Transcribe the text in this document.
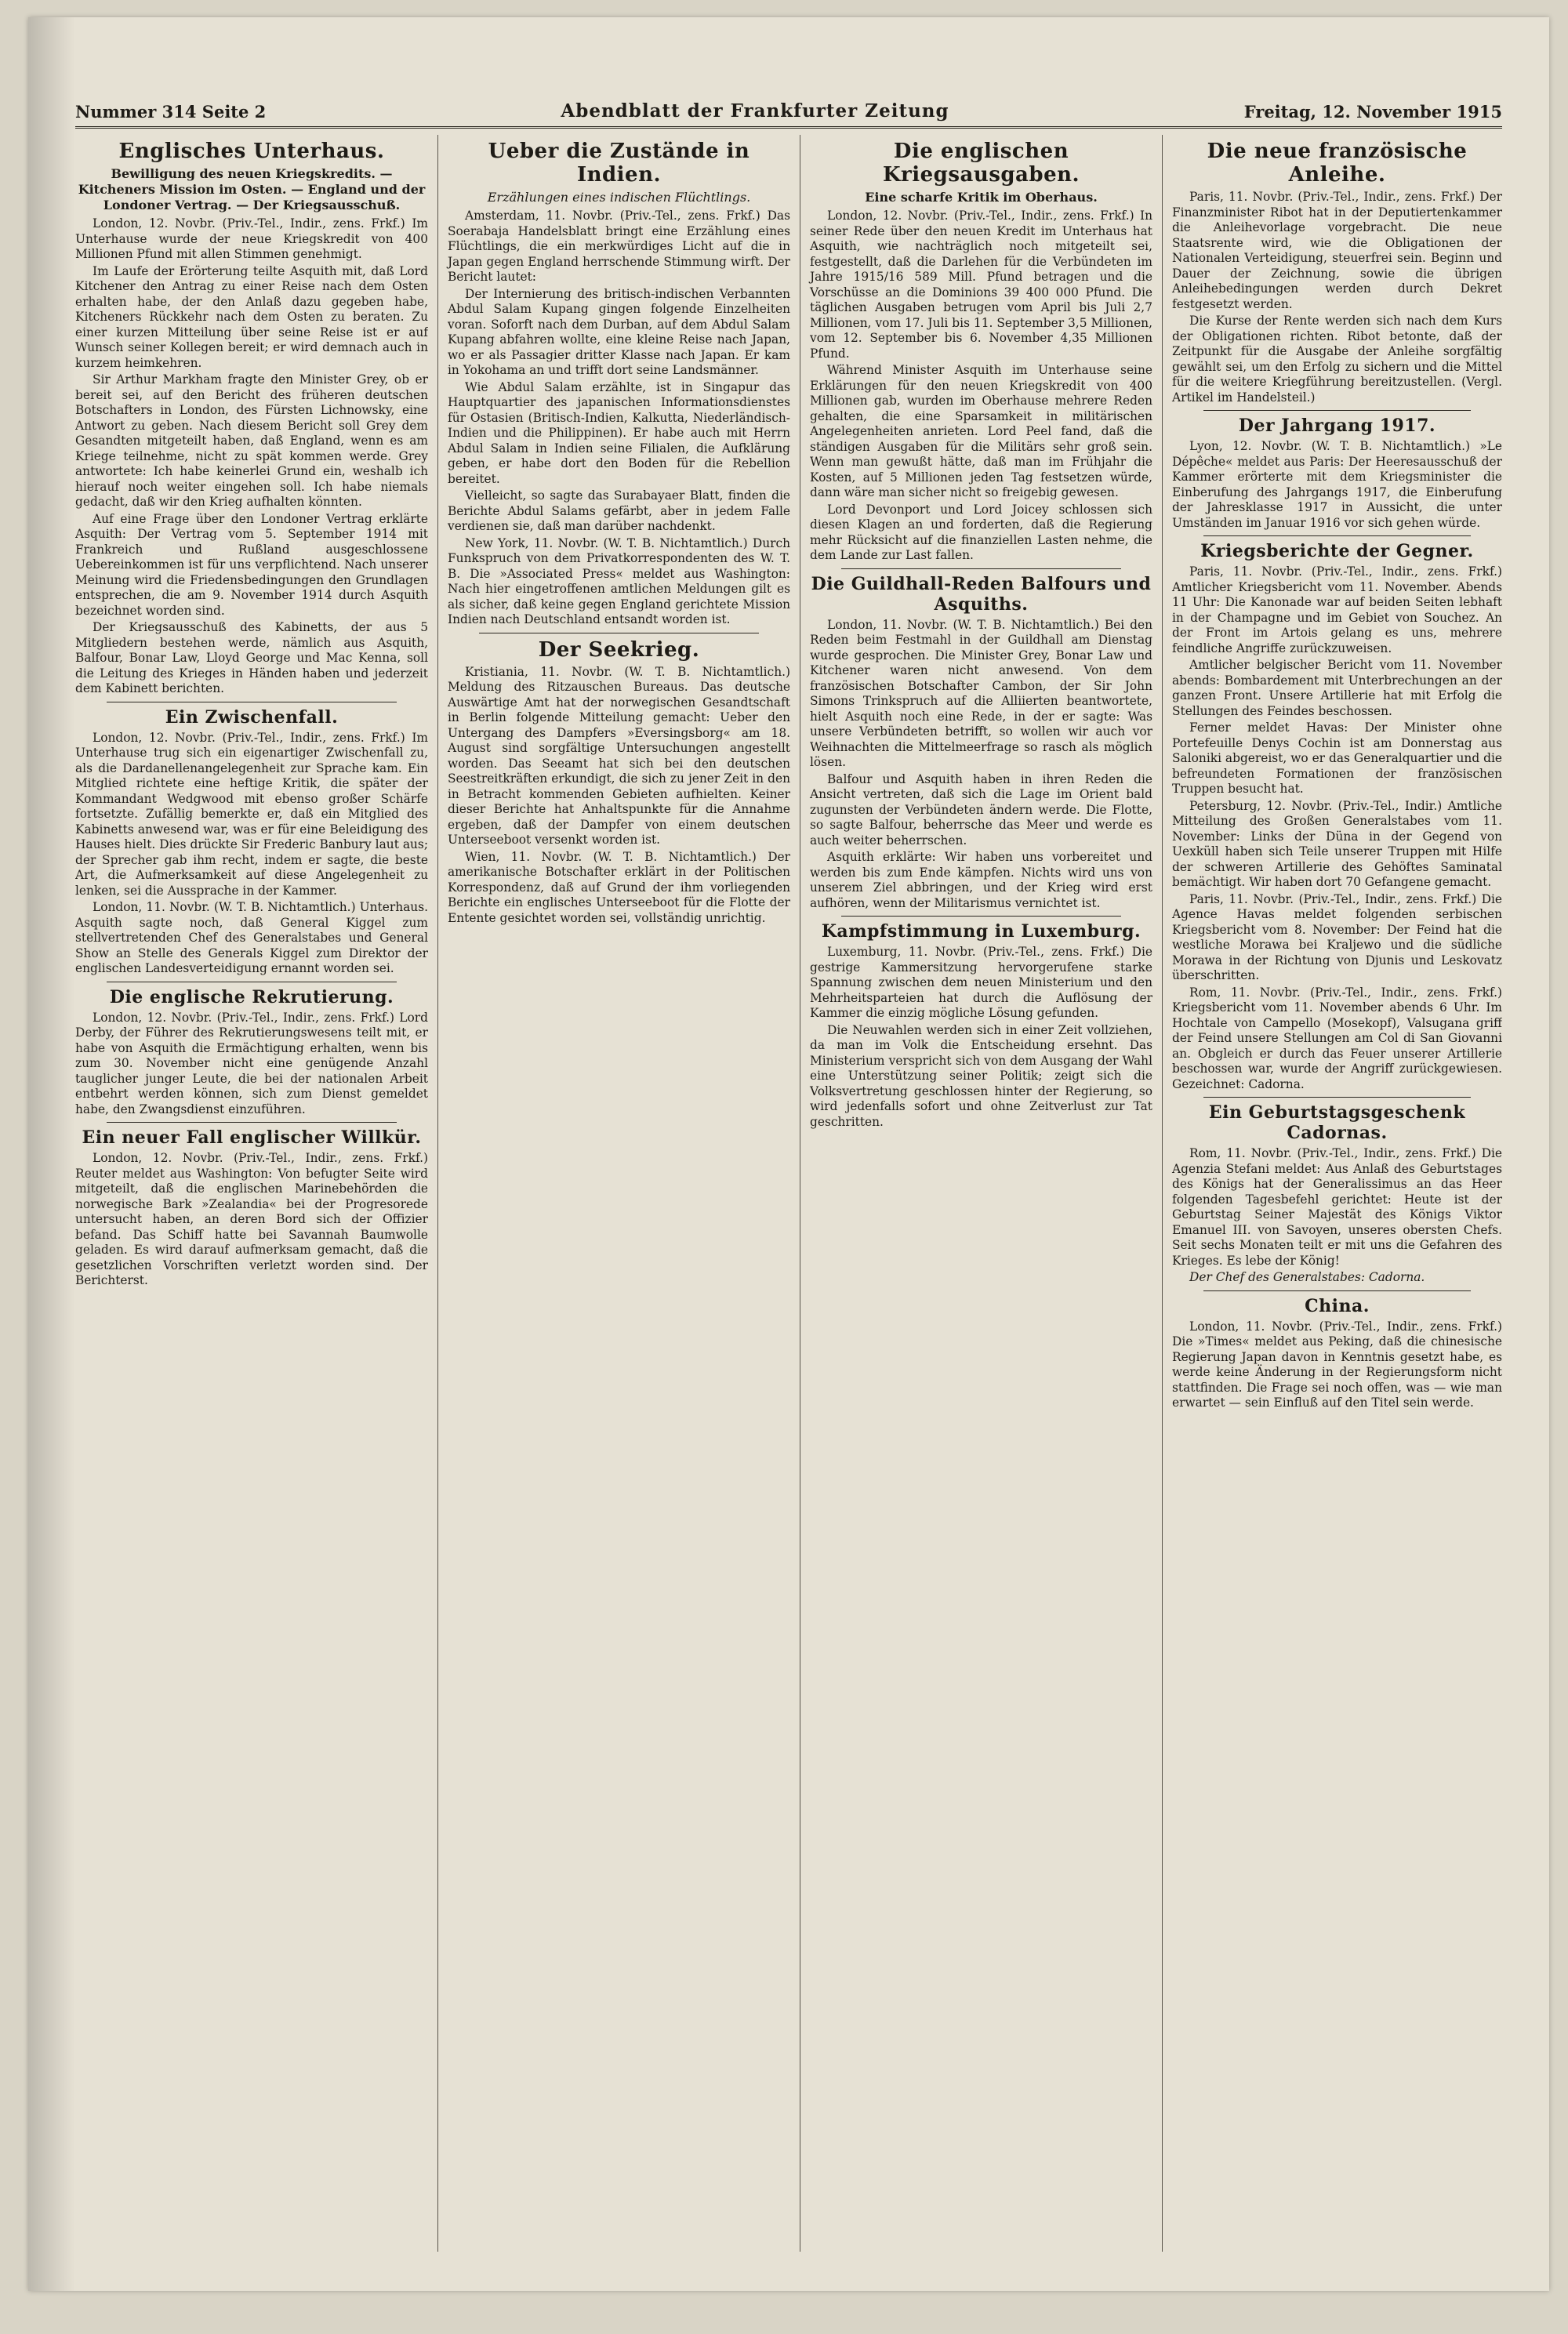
Nummer 314 Seite 2	Abendblatt der Frankfurter Zeitung	Freitag, 12. November 1915
Englisches Unterhaus.
Bewilligung des neuen Kriegskredits. — Kitcheners Mission im Osten. — England und der Londoner Vertrag. — Der Kriegsausschuß.

London, 12. Novbr. (Priv.-Tel., Indir., zens. Frkf.) Im Unterhause wurde der neue Kriegskredit von 400 Millionen Pfund mit allen Stimmen genehmigt.

Im Laufe der Erörterung teilte Asquith mit, daß Lord Kitchener den Antrag zu einer Reise nach dem Osten erhalten habe, der den Anlaß dazu gegeben habe, Kitcheners Rückkehr nach dem Osten zu beraten. Zu einer kurzen Mitteilung über seine Reise ist er auf Wunsch seiner Kollegen bereit; er wird demnach auch in kurzem heimkehren.

Sir Arthur Markham fragte den Minister Grey, ob er bereit sei, auf den Bericht des früheren deutschen Botschafters in London, des Fürsten Lichnowsky, eine Antwort zu geben. Nach diesem Bericht soll Grey dem Gesandten mitgeteilt haben, daß England, wenn es am Kriege teilnehme, nicht zu spät kommen werde. Grey antwortete: Ich habe keinerlei Grund ein, weshalb ich hierauf noch weiter eingehen soll. Ich habe niemals gedacht, daß wir den Krieg aufhalten könnten.

Auf eine Frage über den Londoner Vertrag erklärte Asquith: Der Vertrag vom 5. September 1914 mit Frankreich und Rußland ausgeschlossene Uebereinkommen ist für uns verpflichtend. Nach unserer Meinung wird die Friedensbedingungen den Grundlagen entsprechen, die am 9. November 1914 durch Asquith bezeichnet worden sind.

Der Kriegsausschuß des Kabinetts, der aus 5 Mitgliedern bestehen werde, nämlich aus Asquith, Balfour, Bonar Law, Lloyd George und Mac Kenna, soll die Leitung des Krieges in Händen haben und jederzeit dem Kabinett berichten.

Ein Zwischenfall.

London, 12. Novbr. (Priv.-Tel., Indir., zens. Frkf.) Im Unterhause trug sich ein eigenartiger Zwischenfall zu, als die Dardanellenangelegenheit zur Sprache kam. Ein Mitglied richtete eine heftige Kritik, die später der Kommandant Wedgwood mit ebenso großer Schärfe fortsetzte. Zufällig bemerkte er, daß ein Mitglied des Kabinetts anwesend war, was er für eine Beleidigung des Hauses hielt. Dies drückte Sir Frederic Banbury laut aus; der Sprecher gab ihm recht, indem er sagte, die beste Art, die Aufmerksamkeit auf diese Angelegenheit zu lenken, sei die Aussprache in der Kammer.

London, 11. Novbr. (W. T. B. Nichtamtlich.) Unterhaus. Asquith sagte noch, daß General Kiggel zum stellvertretenden Chef des Generalstabes und General Show an Stelle des Generals Kiggel zum Direktor der englischen Landesverteidigung ernannt worden sei.

Die englische Rekrutierung.

London, 12. Novbr. (Priv.-Tel., Indir., zens. Frkf.) Lord Derby, der Führer des Rekrutierungswesens teilt mit, er habe von Asquith die Ermächtigung erhalten, wenn bis zum 30. November nicht eine genügende Anzahl tauglicher junger Leute, die bei der nationalen Arbeit entbehrt werden können, sich zum Dienst gemeldet habe, den Zwangsdienst einzuführen.

Ein neuer Fall englischer Willkür.

London, 12. Novbr. (Priv.-Tel., Indir., zens. Frkf.) Reuter meldet aus Washington: Von befugter Seite wird mitgeteilt, daß die englischen Marinebehörden die norwegische Bark »Zealandia« bei der Progresorede untersucht haben, an deren Bord sich der Offizier befand. Das Schiff hatte bei Savannah Baumwolle geladen. Es wird darauf aufmerksam gemacht, daß die gesetzlichen Vorschriften verletzt worden sind. Der Berichterst.

Ueber die Zustände in Indien.
Erzählungen eines indischen Flüchtlings.

Amsterdam, 11. Novbr. (Priv.-Tel., zens. Frkf.) Das Soerabaja Handelsblatt bringt eine Erzählung eines Flüchtlings, die ein merkwürdiges Licht auf die in Japan gegen England herrschende Stimmung wirft. Der Bericht lautet:

Der Internierung des britisch-indischen Verbannten Abdul Salam Kupang gingen folgende Einzelheiten voran. Soforft nach dem Durban, auf dem Abdul Salam Kupang abfahren wollte, eine kleine Reise nach Japan, wo er als Passagier dritter Klasse nach Japan. Er kam in Yokohama an und trifft dort seine Landsmänner.

Wie Abdul Salam erzählte, ist in Singapur das Hauptquartier des japanischen Informationsdienstes für Ostasien (Britisch-Indien, Kalkutta, Niederländisch-Indien und die Philippinen). Er habe auch mit Herrn Abdul Salam in Indien seine Filialen, die Aufklärung geben, er habe dort den Boden für die Rebellion bereitet.

Vielleicht, so sagte das Surabayaer Blatt, finden die Berichte Abdul Salams gefärbt, aber in jedem Falle verdienen sie, daß man darüber nachdenkt.

New York, 11. Novbr. (W. T. B. Nichtamtlich.) Durch Funkspruch von dem Privatkorrespondenten des W. T. B. Die »Associated Press« meldet aus Washington: Nach hier eingetroffenen amtlichen Meldungen gilt es als sicher, daß keine gegen England gerichtete Mission Indien nach Deutschland entsandt worden ist.

Der Seekrieg.

Kristiania, 11. Novbr. (W. T. B. Nichtamtlich.) Meldung des Ritzauschen Bureaus. Das deutsche Auswärtige Amt hat der norwegischen Gesandtschaft in Berlin folgende Mitteilung gemacht: Ueber den Untergang des Dampfers »Eversingsborg« am 18. August sind sorgfältige Untersuchungen angestellt worden. Das Seeamt hat sich bei den deutschen Seestreitkräften erkundigt, die sich zu jener Zeit in den in Betracht kommenden Gebieten aufhielten. Keiner dieser Berichte hat Anhaltspunkte für die Annahme ergeben, daß der Dampfer von einem deutschen Unterseeboot versenkt worden ist.

Wien, 11. Novbr. (W. T. B. Nichtamtlich.) Der amerikanische Botschafter erklärt in der Politischen Korrespondenz, daß auf Grund der ihm vorliegenden Berichte ein englisches Unterseeboot für die Flotte der Entente gesichtet worden sei, vollständig unrichtig.

Die englischen Kriegsausgaben.
Eine scharfe Kritik im Oberhaus.

London, 12. Novbr. (Priv.-Tel., Indir., zens. Frkf.) In seiner Rede über den neuen Kredit im Unterhaus hat Asquith, wie nachträglich noch mitgeteilt sei, festgestellt, daß die Darlehen für die Verbündeten im Jahre 1915/16 589 Mill. Pfund betragen und die Vorschüsse an die Dominions 39 400 000 Pfund. Die täglichen Ausgaben betrugen vom April bis Juli 2,7 Millionen, vom 17. Juli bis 11. September 3,5 Millionen, vom 12. September bis 6. November 4,35 Millionen Pfund.

Während Minister Asquith im Unterhause seine Erklärungen für den neuen Kriegskredit von 400 Millionen gab, wurden im Oberhause mehrere Reden gehalten, die eine Sparsamkeit in militärischen Angelegenheiten anrieten. Lord Peel fand, daß die ständigen Ausgaben für die Militärs sehr groß sein. Wenn man gewußt hätte, daß man im Frühjahr die Kosten, auf 5 Millionen jeden Tag festsetzen würde, dann wäre man sicher nicht so freigebig gewesen.

Lord Devonport und Lord Joicey schlossen sich diesen Klagen an und forderten, daß die Regierung mehr Rücksicht auf die finanziellen Lasten nehme, die dem Lande zur Last fallen.

Die Guildhall-Reden Balfours und Asquiths.

London, 11. Novbr. (W. T. B. Nichtamtlich.) Bei den Reden beim Festmahl in der Guildhall am Dienstag wurde gesprochen. Die Minister Grey, Bonar Law und Kitchener waren nicht anwesend. Von dem französischen Botschafter Cambon, der Sir John Simons Trinkspruch auf die Alliierten beantwortete, hielt Asquith noch eine Rede, in der er sagte: Was unsere Verbündeten betrifft, so wollen wir auch vor Weihnachten die Mittelmeerfrage so rasch als möglich lösen.

Balfour und Asquith haben in ihren Reden die Ansicht vertreten, daß sich die Lage im Orient bald zugunsten der Verbündeten ändern werde. Die Flotte, so sagte Balfour, beherrsche das Meer und werde es auch weiter beherrschen.

Asquith erklärte: Wir haben uns vorbereitet und werden bis zum Ende kämpfen. Nichts wird uns von unserem Ziel abbringen, und der Krieg wird erst aufhören, wenn der Militarismus vernichtet ist.

Kampfstimmung in Luxemburg.

Luxemburg, 11. Novbr. (Priv.-Tel., zens. Frkf.) Die gestrige Kammersitzung hervorgerufene starke Spannung zwischen dem neuen Ministerium und den Mehrheitsparteien hat durch die Auflösung der Kammer die einzig mögliche Lösung gefunden.

Die Neuwahlen werden sich in einer Zeit vollziehen, da man im Volk die Entscheidung ersehnt. Das Ministerium verspricht sich von dem Ausgang der Wahl eine Unterstützung seiner Politik; zeigt sich die Volksvertretung geschlossen hinter der Regierung, so wird jedenfalls sofort und ohne Zeitverlust zur Tat geschritten.

Die neue französische Anleihe.

Paris, 11. Novbr. (Priv.-Tel., Indir., zens. Frkf.) Der Finanzminister Ribot hat in der Deputiertenkammer die Anleihevorlage vorgebracht. Die neue Staatsrente wird, wie die Obligationen der Nationalen Verteidigung, steuerfrei sein. Beginn und Dauer der Zeichnung, sowie die übrigen Anleihebedingungen werden durch Dekret festgesetzt werden.

Die Kurse der Rente werden sich nach dem Kurs der Obligationen richten. Ribot betonte, daß der Zeitpunkt für die Ausgabe der Anleihe sorgfältig gewählt sei, um den Erfolg zu sichern und die Mittel für die weitere Kriegführung bereitzustellen. (Vergl. Artikel im Handelsteil.)

Der Jahrgang 1917.

Lyon, 12. Novbr. (W. T. B. Nichtamtlich.) »Le Dépêche« meldet aus Paris: Der Heeresausschuß der Kammer erörterte mit dem Kriegsminister die Einberufung des Jahrgangs 1917, die Einberufung der Jahresklasse 1917 in Aussicht, die unter Umständen im Januar 1916 vor sich gehen würde.

Kriegsberichte der Gegner.

Paris, 11. Novbr. (Priv.-Tel., Indir., zens. Frkf.) Amtlicher Kriegsbericht vom 11. November. Abends 11 Uhr: Die Kanonade war auf beiden Seiten lebhaft in der Champagne und im Gebiet von Souchez. An der Front im Artois gelang es uns, mehrere feindliche Angriffe zurückzuweisen.

Amtlicher belgischer Bericht vom 11. November abends: Bombardement mit Unterbrechungen an der ganzen Front. Unsere Artillerie hat mit Erfolg die Stellungen des Feindes beschossen.

Ferner meldet Havas: Der Minister ohne Portefeuille Denys Cochin ist am Donnerstag aus Saloniki abgereist, wo er das Generalquartier und die befreundeten Formationen der französischen Truppen besucht hat.

Petersburg, 12. Novbr. (Priv.-Tel., Indir.) Amtliche Mitteilung des Großen Generalstabes vom 11. November: Links der Düna in der Gegend von Uexküll haben sich Teile unserer Truppen mit Hilfe der schweren Artillerie des Gehöftes Saminatal bemächtigt. Wir haben dort 70 Gefangene gemacht.

Paris, 11. Novbr. (Priv.-Tel., Indir., zens. Frkf.) Die Agence Havas meldet folgenden serbischen Kriegsbericht vom 8. November: Der Feind hat die westliche Morawa bei Kraljewo und die südliche Morawa in der Richtung von Djunis und Leskovatz überschritten.

Rom, 11. Novbr. (Priv.-Tel., Indir., zens. Frkf.) Kriegsbericht vom 11. November abends 6 Uhr. Im Hochtale von Campello (Mosekopf), Valsugana griff der Feind unsere Stellungen am Col di San Giovanni an. Obgleich er durch das Feuer unserer Artillerie beschossen war, wurde der Angriff zurückgewiesen. Gezeichnet: Cadorna.

Ein Geburtstagsgeschenk Cadornas.

Rom, 11. Novbr. (Priv.-Tel., Indir., zens. Frkf.) Die Agenzia Stefani meldet: Aus Anlaß des Geburtstages des Königs hat der Generalissimus an das Heer folgenden Tagesbefehl gerichtet: Heute ist der Geburtstag Seiner Majestät des Königs Viktor Emanuel III. von Savoyen, unseres obersten Chefs. Seit sechs Monaten teilt er mit uns die Gefahren des Krieges. Es lebe der König!

Der Chef des Generalstabes: Cadorna.

China.

London, 11. Novbr. (Priv.-Tel., Indir., zens. Frkf.) Die »Times« meldet aus Peking, daß die chinesische Regierung Japan davon in Kenntnis gesetzt habe, es werde keine Änderung in der Regierungsform nicht stattfinden. Die Frage sei noch offen, was — wie man erwartet — sein Einfluß auf den Titel sein werde.
